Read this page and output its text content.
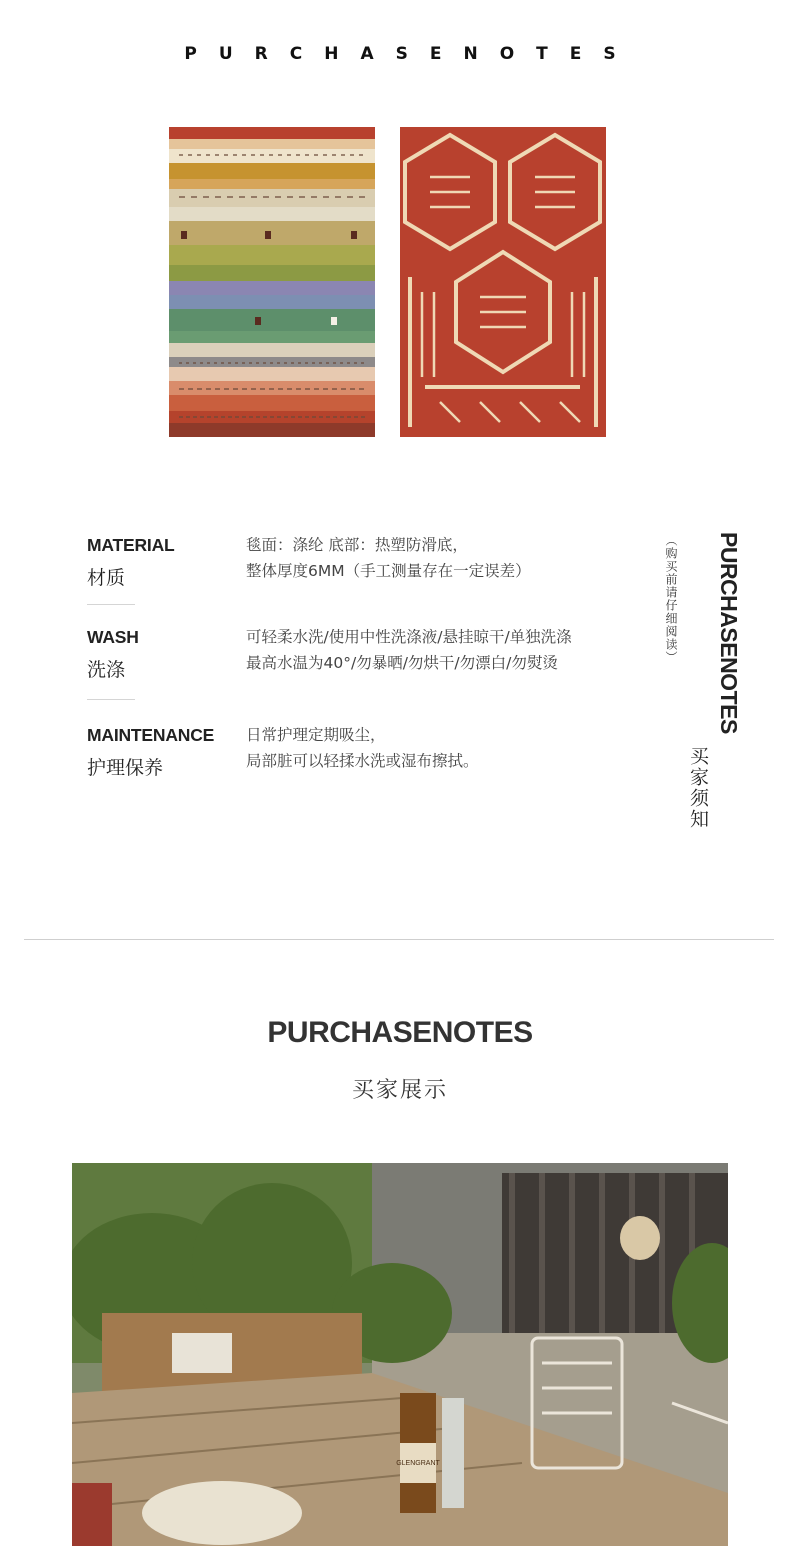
PURCHASENOTES
MATERIAL
材质
毯面：涤纶 底部：热塑防滑底，
整体厚度6MM（手工测量存在一定误差）
WASH
洗涤
可轻柔水洗/使用中性洗涤液/悬挂晾干/单独洗涤
最高水温为40°/勿暴晒/勿烘干/勿漂白/勿熨烫
MAINTENANCE
护理保养
日常护理定期吸尘，
局部脏可以轻揉水洗或湿布擦拭。
（购买前请仔细阅读） PURCHASENOTES
买家须知
PURCHASENOTES
买家展示
GLENGRANT
